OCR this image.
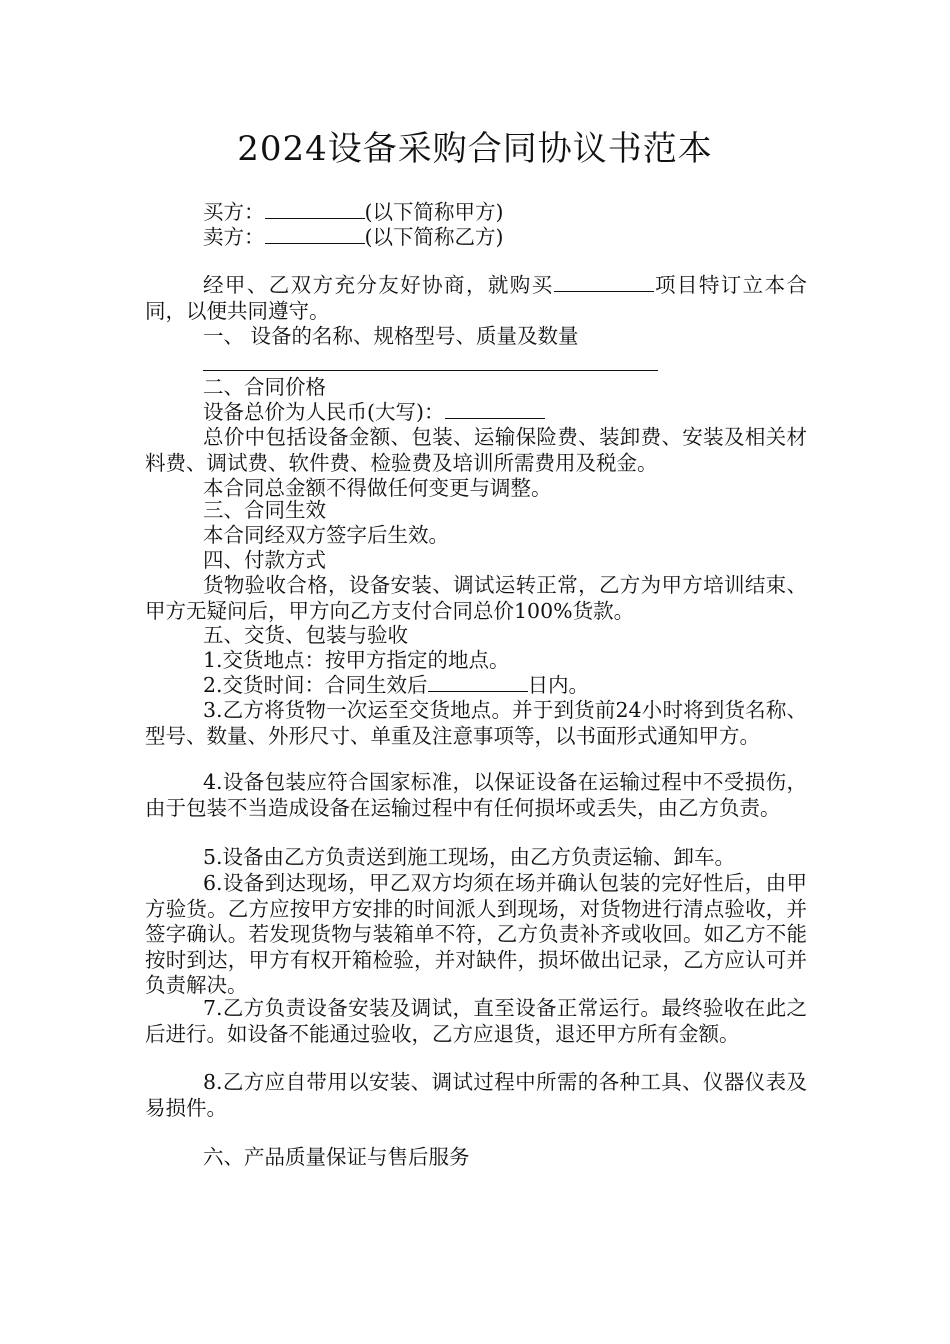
2024设备采购合同协议书范本
买方：	(以下简称甲方)
卖方：	(以下简称乙方)

经甲、乙双方充分友好协商，就购买	项目特订立本合同，以便共同遵守。

一、 设备的名称、规格型号、质量及数量

二、合同价格

设备总价为人民币(大写)：

总价中包括设备金额、包装、运输保险费、装卸费、安装及相关材料费、调试费、软件费、检验费及培训所需费用及税金。

本合同总金额不得做任何变更与调整。

三、合同生效

本合同经双方签字后生效。

四、付款方式

货物验收合格，设备安装、调试运转正常，乙方为甲方培训结束、甲方无疑问后，甲方向乙方支付合同总价100%货款。

五、交货、包装与验收

1.交货地点：按甲方指定的地点。

2.交货时间：合同生效后	日内。

3.乙方将货物一次运至交货地点。并于到货前24小时将到货名称、型号、数量、外形尺寸、单重及注意事项等，以书面形式通知甲方。

4.设备包装应符合国家标准，以保证设备在运输过程中不受损伤，由于包装不当造成设备在运输过程中有任何损坏或丢失，由乙方负责。

5.设备由乙方负责送到施工现场，由乙方负责运输、卸车。

6.设备到达现场，甲乙双方均须在场并确认包装的完好性后，由甲方验货。乙方应按甲方安排的时间派人到现场，对货物进行清点验收，并签字确认。若发现货物与装箱单不符，乙方负责补齐或收回。如乙方不能按时到达，甲方有权开箱检验，并对缺件，损坏做出记录，乙方应认可并负责解决。

7.乙方负责设备安装及调试，直至设备正常运行。最终验收在此之后进行。如设备不能通过验收，乙方应退货，退还甲方所有金额。

8.乙方应自带用以安装、调试过程中所需的各种工具、仪器仪表及易损件。

六、产品质量保证与售后服务
